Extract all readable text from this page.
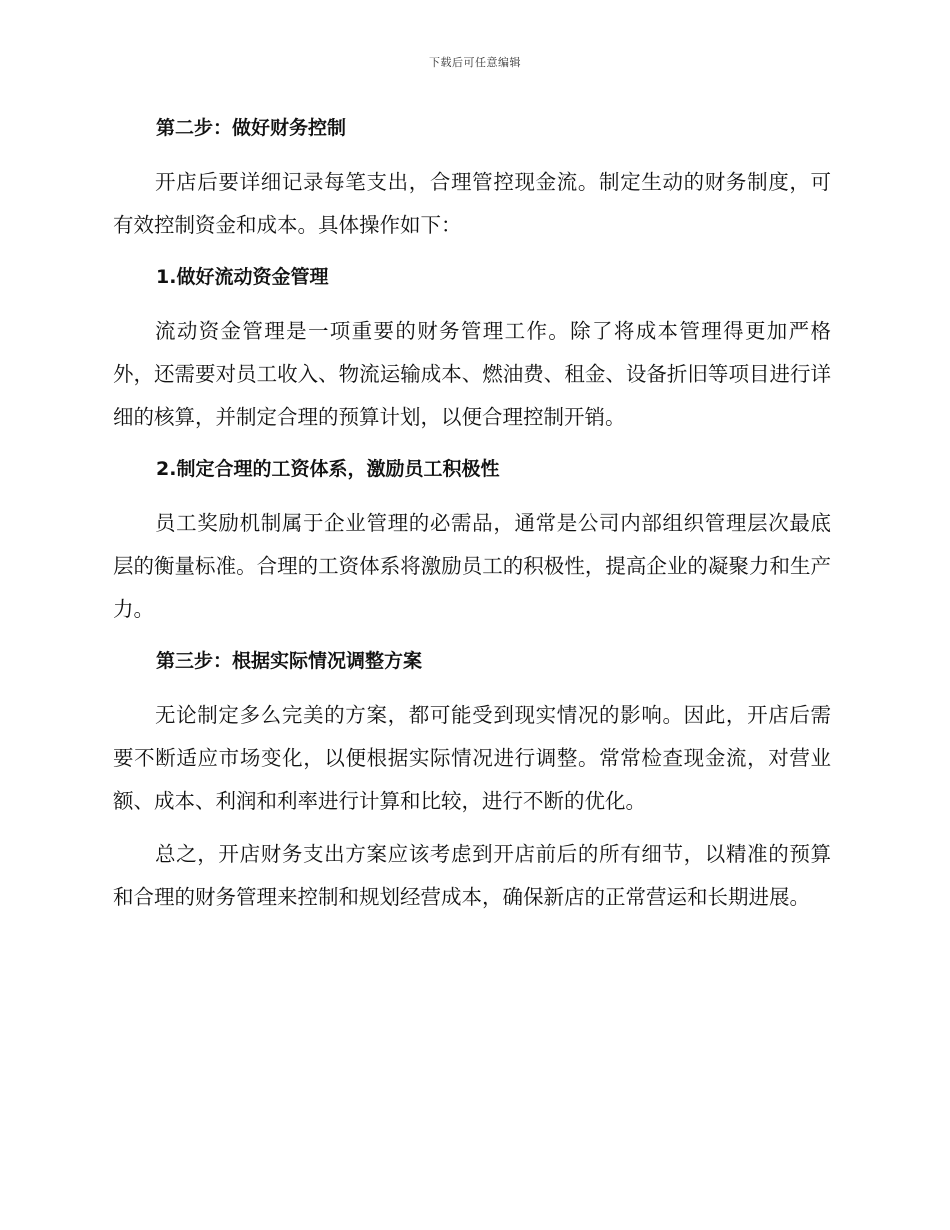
下载后可任意编辑
第二步：做好财务控制

开店后要详细记录每笔支出，合理管控现金流。制定生动的财务制度，可有效控制资金和成本。具体操作如下：

1.做好流动资金管理

流动资金管理是一项重要的财务管理工作。除了将成本管理得更加严格外，还需要对员工收入、物流运输成本、燃油费、租金、设备折旧等项目进行详细的核算，并制定合理的预算计划，以便合理控制开销。

2.制定合理的工资体系，激励员工积极性

员工奖励机制属于企业管理的必需品，通常是公司内部组织管理层次最底层的衡量标准。合理的工资体系将激励员工的积极性，提高企业的凝聚力和生产力。

第三步：根据实际情况调整方案

无论制定多么完美的方案，都可能受到现实情况的影响。因此，开店后需要不断适应市场变化，以便根据实际情况进行调整。常常检查现金流，对营业额、成本、利润和利率进行计算和比较，进行不断的优化。

总之，开店财务支出方案应该考虑到开店前后的所有细节，以精准的预算和合理的财务管理来控制和规划经营成本，确保新店的正常营运和长期进展。
